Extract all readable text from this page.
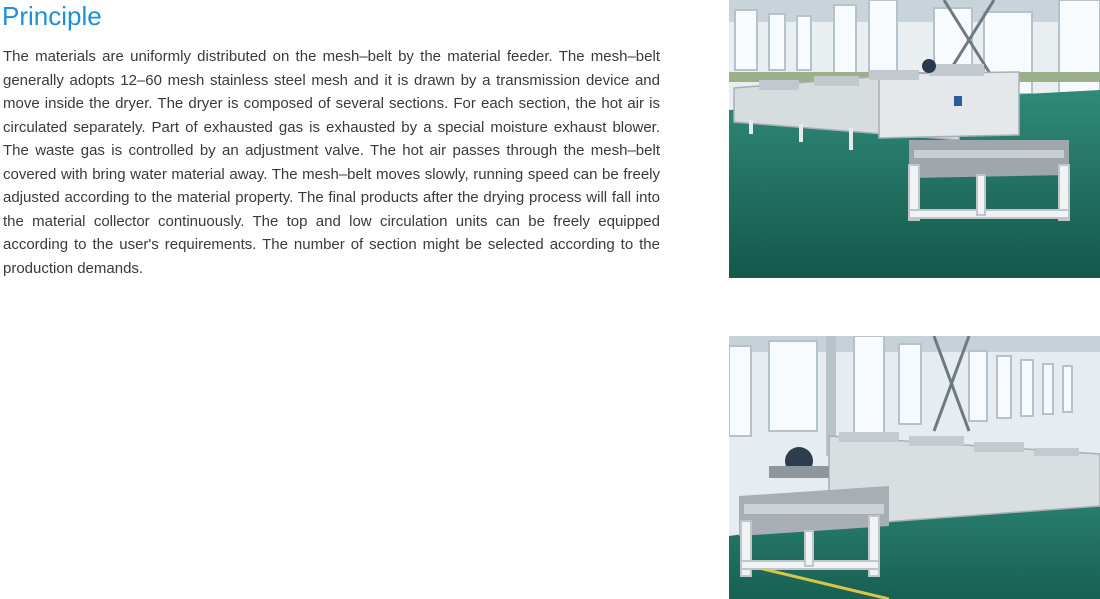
Principle

The materials are uniformly distributed on the mesh–belt by the material feeder. The mesh–belt generally adopts 12–60 mesh stainless steel mesh and it is drawn by a transmission device and move inside the dryer. The dryer is composed of several sections. For each section, the hot air is circulated separately. Part of exhausted gas is exhausted by a special moisture exhaust blower. The waste gas is controlled by an adjustment valve. The hot air passes through the mesh–belt covered with bring water material away. The mesh–belt moves slowly, running speed can be freely adjusted according to the material property. The final products after the drying process will fall into the material collector continuously. The top and low circulation units can be freely equipped according to the user's requirements. The number of section might be selected according to the production demands.
